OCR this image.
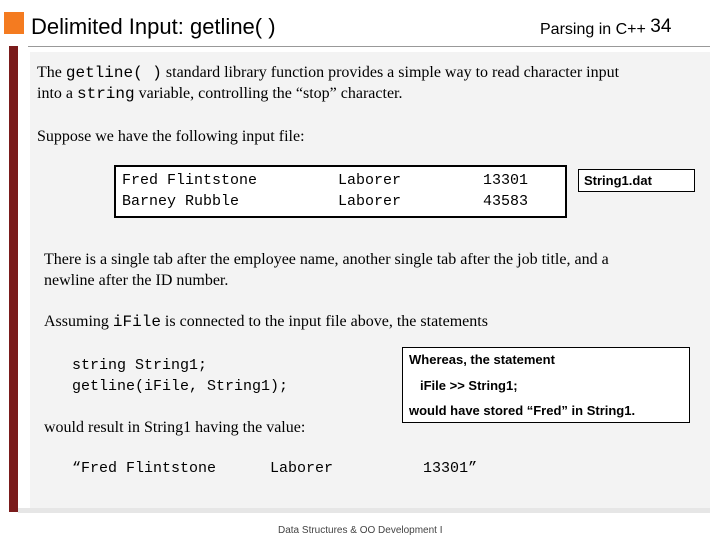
Delimited Input: getline( )	Parsing in C++ 34
The getline( ) standard library function provides a simple way to read character input
into a string variable, controlling the “stop” character.
Suppose we have the following input file:
Fred Flintstone	Laborer	13301
Barney Rubble	Laborer	43583
String1.dat
There is a single tab after the employee name, another single tab after the job title, and a
newline after the ID number.
Assuming iFile is connected to the input file above, the statements
string String1;
getline(iFile, String1);
would result in String1 having the value:
“Fred Flintstone      Laborer          13301”
Whereas, the statement
iFile >> String1;
would have stored “Fred” in String1.
Data Structures & OO Development I
